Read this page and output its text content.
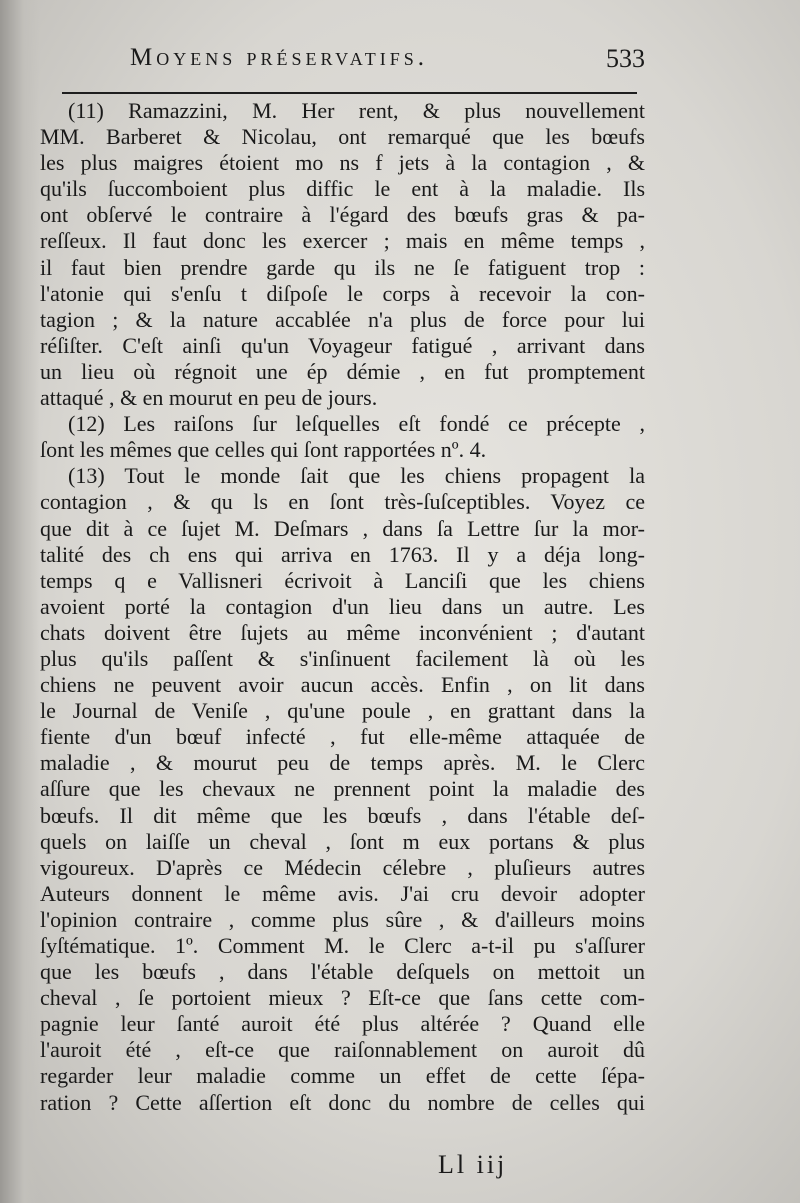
Moyens préservatifs.	533
(11) Ramazzini, M. Her rent, & plus nouvellement
MM. Barberet & Nicolau, ont remarqué que les bœufs
les plus maigres étoient mo ns f jets à la contagion , &
qu'ils ſuccomboient plus diffic le ent à la maladie. Ils
ont obſervé le contraire à l'égard des bœufs gras & pa-
reſſeux. Il faut donc les exercer ; mais en même temps ,
il faut bien prendre garde qu ils ne ſe fatiguent trop :
l'atonie qui s'enſu t diſpoſe le corps à recevoir la con-
tagion ; & la nature accablée n'a plus de force pour lui
réſiſter. C'eſt ainſi qu'un Voyageur fatigué , arrivant dans
un lieu où régnoit une ép démie , en fut promptement
attaqué , & en mourut en peu de jours.
(12) Les raiſons ſur leſquelles eſt fondé ce précepte ,
ſont les mêmes que celles qui ſont rapportées nº. 4.
(13) Tout le monde ſait que les chiens propagent la
contagion , & qu ls en ſont très-ſuſceptibles. Voyez ce
que dit à ce ſujet M. Deſmars , dans ſa Lettre ſur la mor-
talité des ch ens qui arriva en 1763. Il y a déja long-
temps q e Vallisneri écrivoit à Lanciſi que les chiens
avoient porté la contagion d'un lieu dans un autre. Les
chats doivent être ſujets au même inconvénient ; d'autant
plus qu'ils paſſent & s'inſinuent facilement là où les
chiens ne peuvent avoir aucun accès. Enfin , on lit dans
le Journal de Veniſe , qu'une poule , en grattant dans la
fiente d'un bœuf infecté , fut elle-même attaquée de
maladie , & mourut peu de temps après. M. le Clerc
aſſure que les chevaux ne prennent point la maladie des
bœufs. Il dit même que les bœufs , dans l'étable deſ-
quels on laiſſe un cheval , ſont m eux portans & plus
vigoureux. D'après ce Médecin célebre , pluſieurs autres
Auteurs donnent le même avis. J'ai cru devoir adopter
l'opinion contraire , comme plus sûre , & d'ailleurs moins
ſyſtématique. 1º. Comment M. le Clerc a-t-il pu s'aſſurer
que les bœufs , dans l'étable deſquels on mettoit un
cheval , ſe portoient mieux ? Eſt-ce que ſans cette com-
pagnie leur ſanté auroit été plus altérée ? Quand elle
l'auroit été , eſt-ce que raiſonnablement on auroit dû
regarder leur maladie comme un effet de cette ſépa-
ration ? Cette aſſertion eſt donc du nombre de celles qui
Ll iij
